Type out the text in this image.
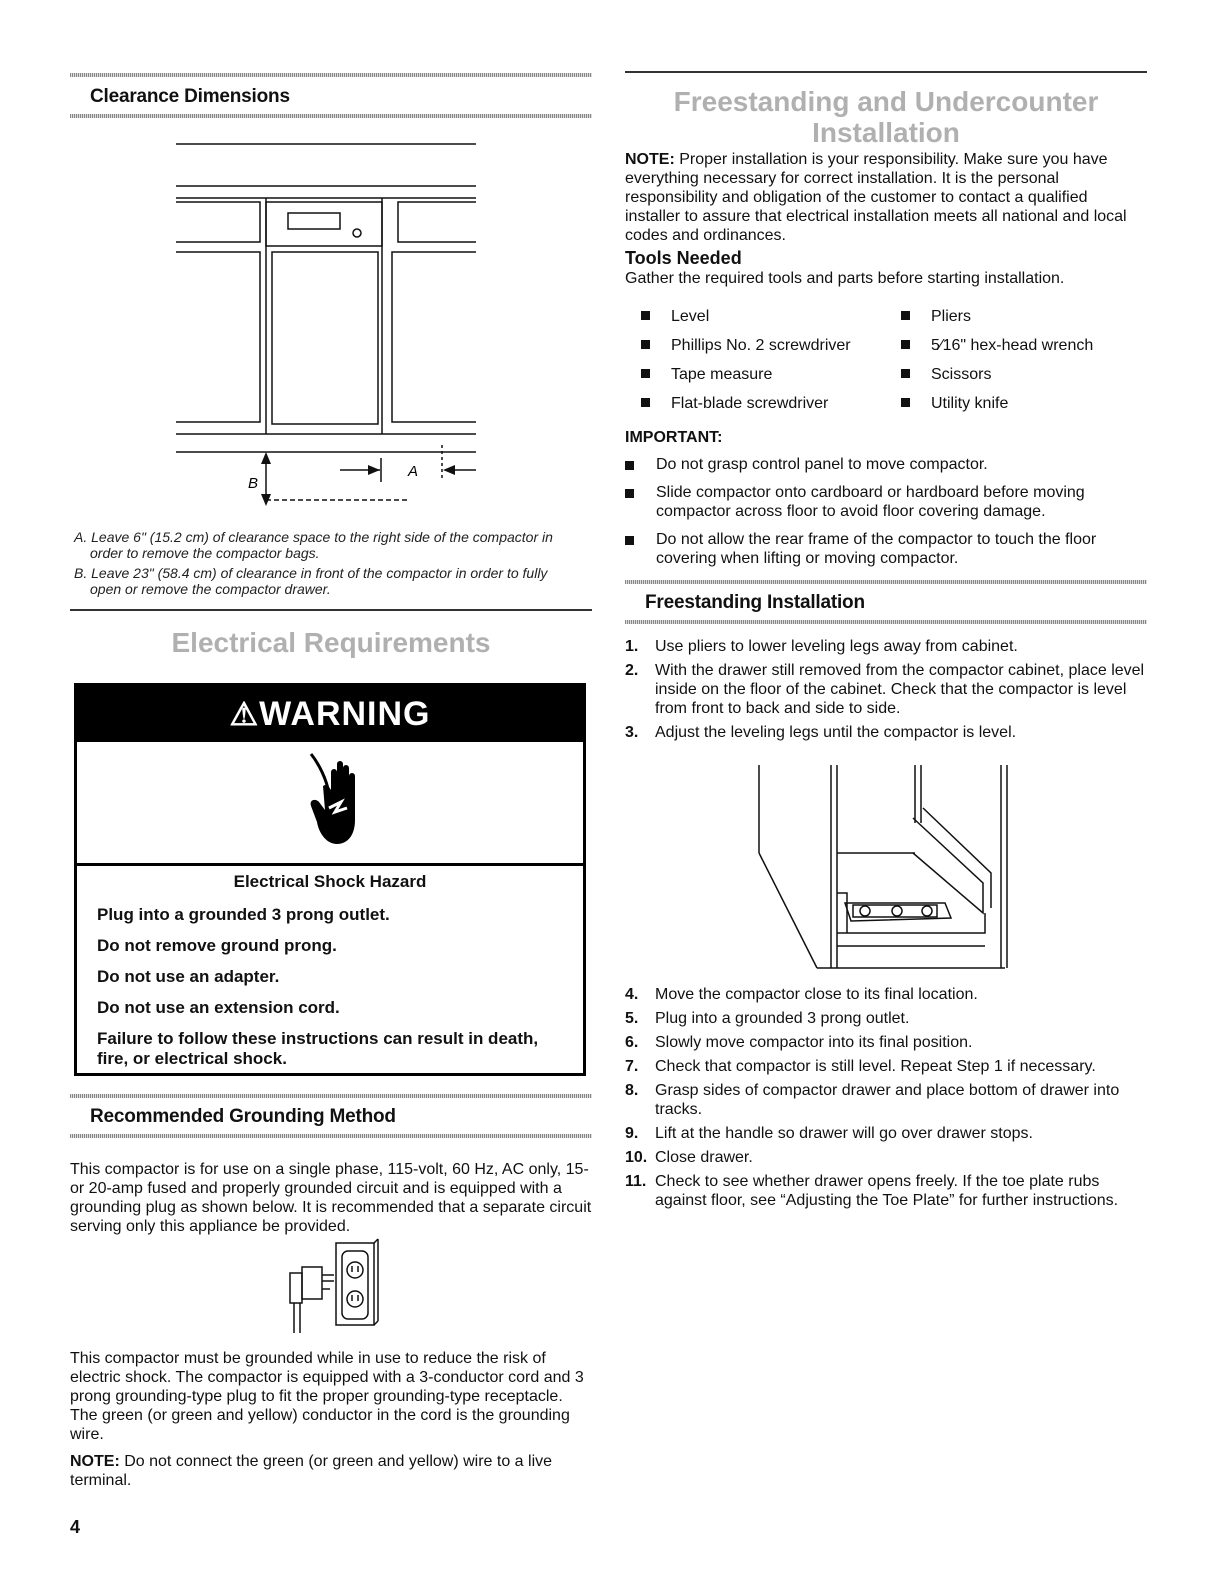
Clearance Dimensions
B
A

A. Leave 6" (15.2 cm) of clearance space to the right side of the compactor in order to remove the compactor bags.

B. Leave 23" (58.4 cm) of clearance in front of the compactor in order to fully open or remove the compactor drawer.

Electrical Requirements
⚠WARNING

Electrical Shock Hazard

Plug into a grounded 3 prong outlet.

Do not remove ground prong.

Do not use an adapter.

Do not use an extension cord.

Failure to follow these instructions can result in death, fire, or electrical shock.

Recommended Grounding Method

This compactor is for use on a single phase, 115-volt, 60 Hz, AC only, 15- or 20-amp fused and properly grounded circuit and is equipped with a grounding plug as shown below. It is recommended that a separate circuit serving only this appliance be provided.

This compactor must be grounded while in use to reduce the risk of electric shock. The compactor is equipped with a 3-conductor cord and 3 prong grounding-type plug to fit the proper grounding-type receptacle. The green (or green and yellow) conductor in the cord is the grounding wire.

NOTE: Do not connect the green (or green and yellow) wire to a live terminal.

Freestanding and Undercounter
Installation

NOTE: Proper installation is your responsibility. Make sure you have everything necessary for correct installation. It is the personal responsibility and obligation of the customer to contact a qualified installer to assure that electrical installation meets all national and local codes and ordinances.

Tools Needed

Gather the required tools and parts before starting installation.

Level	Pliers
Phillips No. 2 screwdriver	5⁄16" hex-head wrench
Tape measure	Scissors
Flat-blade screwdriver	Utility knife

IMPORTANT:

Do not grasp control panel to move compactor.
Slide compactor onto cardboard or hardboard before moving compactor across floor to avoid floor covering damage.
Do not allow the rear frame of the compactor to touch the floor covering when lifting or moving compactor.
Freestanding Installation
1. Use pliers to lower leveling legs away from cabinet.
2. With the drawer still removed from the compactor cabinet, place level inside on the floor of the cabinet. Check that the compactor is level from front to back and side to side.
3. Adjust the leveling legs until the compactor is level.
4. Move the compactor close to its final location.
5. Plug into a grounded 3 prong outlet.
6. Slowly move compactor into its final position.
7. Check that compactor is still level. Repeat Step 1 if necessary.
8. Grasp sides of compactor drawer and place bottom of drawer into tracks.
9. Lift at the handle so drawer will go over drawer stops.
10. Close drawer.
11. Check to see whether drawer opens freely. If the toe plate rubs against floor, see “Adjusting the Toe Plate” for further instructions.
4
